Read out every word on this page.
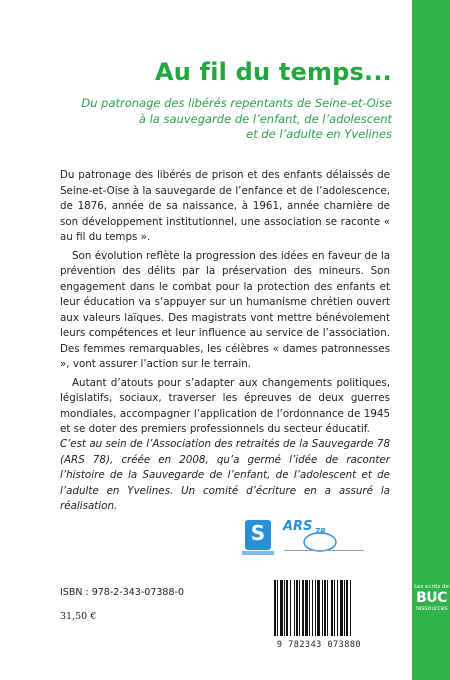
Au fil du temps...
Du patronage des libérés repentants de Seine-et-Oise
à la sauvegarde de l’enfant, de l’adolescent
et de l’adulte en Yvelines

Du patronage des libérés de prison et des enfants délaissés de Seine-et-Oise à la sauvegarde de l’enfance et de l’adolescence, de 1876, année de sa naissance, à 1961, année charnière de son développement institutionnel, une association se raconte « au fil du temps ».

Son évolution reflète la progression des idées en faveur de la prévention des délits par la préservation des mineurs. Son engagement dans le combat pour la protection des enfants et leur éducation va s’appuyer sur un humanisme chrétien ouvert aux valeurs laïques. Des magistrats vont mettre bénévolement leurs compétences et leur influence au service de l’association. Des femmes remarquables, les célèbres « dames patronnesses », vont assurer l’action sur le terrain.

Autant d’atouts pour s’adapter aux changements politiques, législatifs, sociaux, traverser les épreuves de deux guerres mondiales, accompagner l’application de l’ordonnance de 1945 et se doter des premiers professionnels du secteur éducatif.

C’est au sein de l’Association des retraités de la Sauvegarde 78 (ARS 78), créée en 2008, qu’a germé l’idée de raconter l’histoire de la Sauvegarde de l’enfant, de l’adolescent et de l’adulte en Yvelines. Un comité d’écriture en a assuré la réalisation.
S	ARS $_{78}$
ISBN : 978-2-343-07388-0
31,50 €
9 782343 073880
Les écrits de
BUC
ressources
